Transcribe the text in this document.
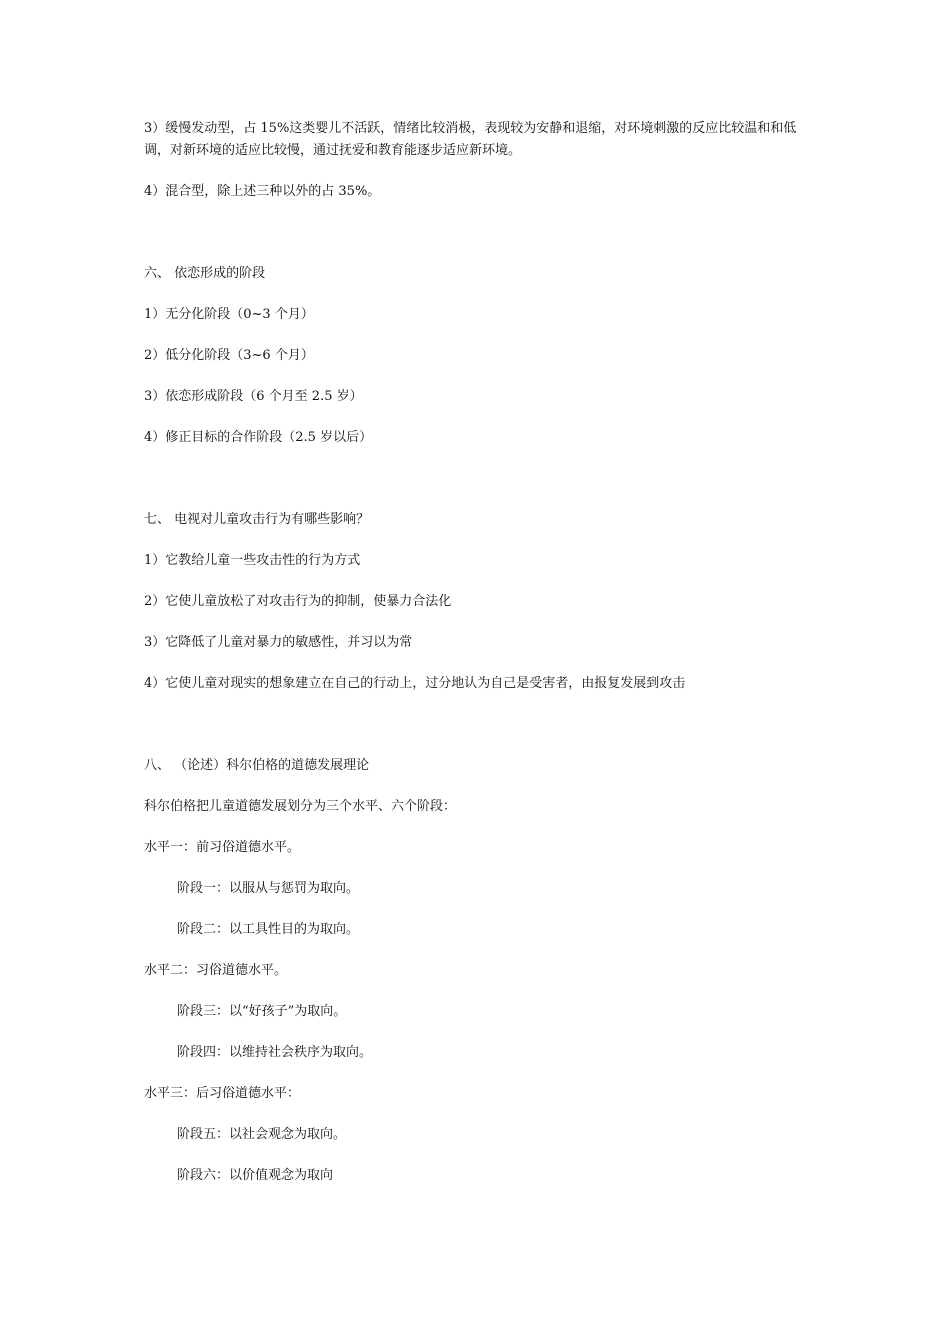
3）缓慢发动型，占 15%这类婴儿不活跃，情绪比较消极，表现较为安静和退缩，对环境刺激的反应比较温和和低调，对新环境的适应比较慢，通过抚爱和教育能逐步适应新环境。

4）混合型，除上述三种以外的占 35%。

六、 依恋形成的阶段

1）无分化阶段（0~3 个月）

2）低分化阶段（3~6 个月）

3）依恋形成阶段（6 个月至 2.5 岁）

4）修正目标的合作阶段（2.5 岁以后）

七、 电视对儿童攻击行为有哪些影响？

1）它教给儿童一些攻击性的行为方式

2）它使儿童放松了对攻击行为的抑制，使暴力合法化

3）它降低了儿童对暴力的敏感性，并习以为常

4）它使儿童对现实的想象建立在自己的行动上，过分地认为自己是受害者，由报复发展到攻击

八、 （论述）科尔伯格的道德发展理论

科尔伯格把儿童道德发展划分为三个水平、六个阶段：

水平一：前习俗道德水平。

阶段一：以服从与惩罚为取向。

阶段二：以工具性目的为取向。

水平二：习俗道德水平。

阶段三：以“好孩子”为取向。

阶段四：以维持社会秩序为取向。

水平三：后习俗道德水平：

阶段五：以社会观念为取向。

阶段六：以价值观念为取向
